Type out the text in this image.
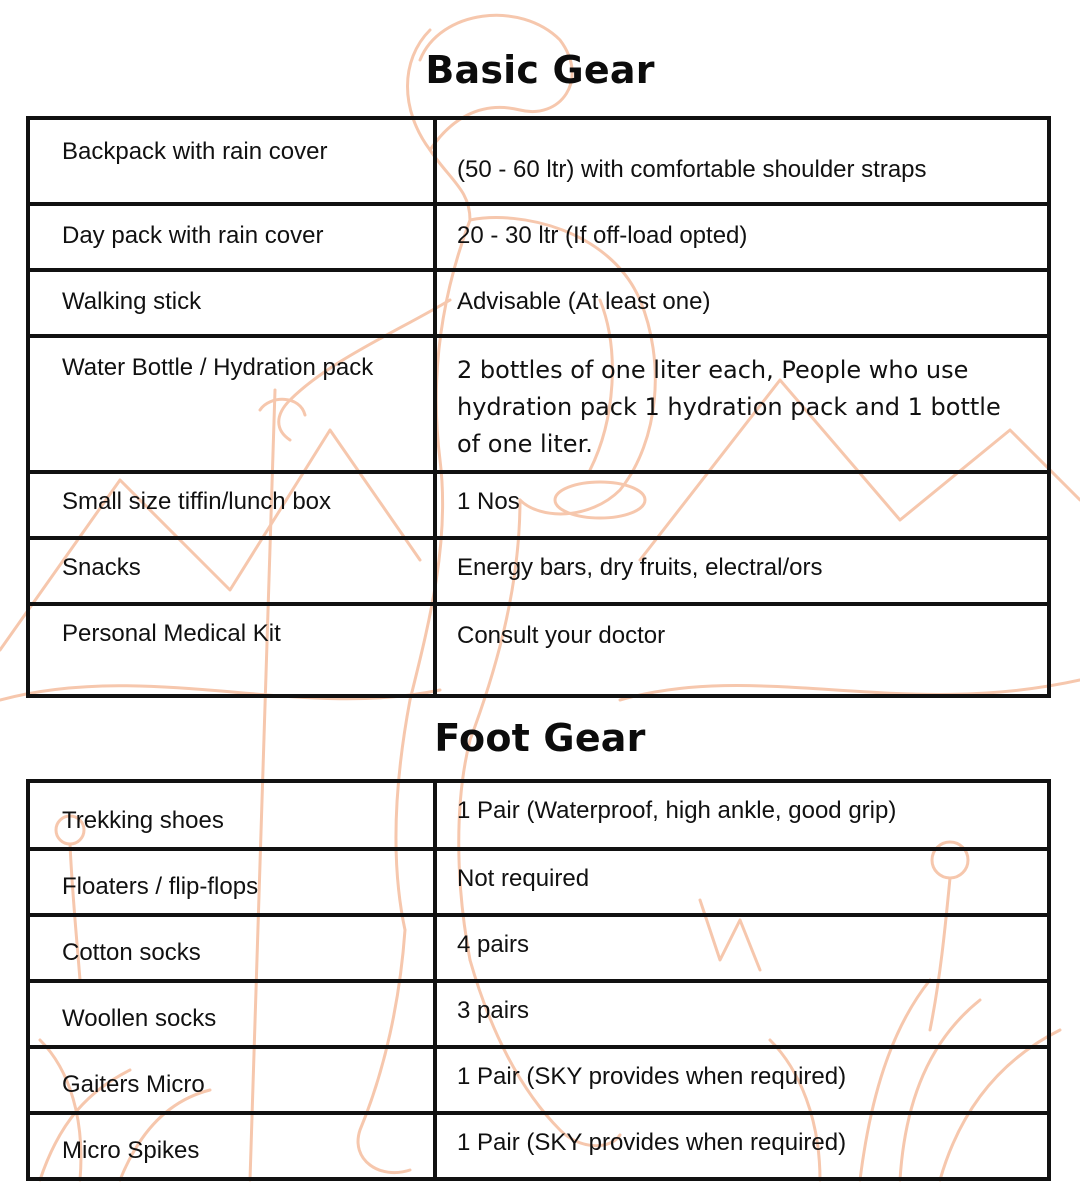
Basic Gear
Backpack with rain cover	(50 - 60 ltr) with comfortable shoulder straps
Day pack with rain cover	20 - 30 ltr (If off-load opted)
Walking stick	Advisable (At least one)
Water Bottle / Hydration pack	2 bottles of one liter each, People who use hydration pack 1 hydration pack and 1 bottle of one liter.

Small size tiffin/lunch box	1 Nos
Snacks	Energy bars, dry fruits, electral/ors
Personal Medical Kit	Consult your doctor
Foot Gear
Trekking shoes	1 Pair (Waterproof, high ankle, good grip)
Floaters / flip-flops	Not required
Cotton socks	4 pairs
Woollen socks	3 pairs
Gaiters Micro	1 Pair (SKY provides when required)
Micro Spikes	1 Pair (SKY provides when required)
